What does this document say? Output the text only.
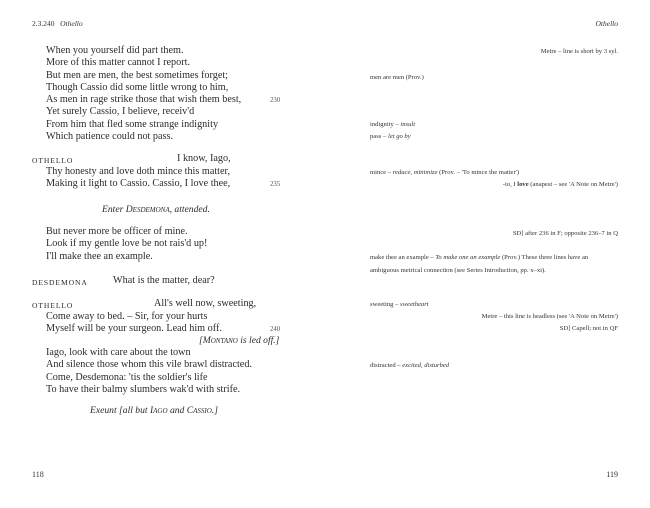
2.3.240 Othello
When you yourself did part them.
More of this matter cannot I report.
But men are men, the best sometimes forget;
Though Cassio did some little wrong to him,
As men in rage strike those that wish them best,
Yet surely Cassio, I believe, receiv'd
From him that fled some strange indignity
Which patience could not pass.
230
OTHELLO	I know, Iago,
Thy honesty and love doth mince this matter,
Making it light to Cassio. Cassio, I love thee,	235
Enter Desdemona, attended.
But never more be officer of mine.
Look if my gentle love be not rais'd up!
I'll make thee an example.
DESDEMONA What is the matter, dear?
OTHELLO	All's well now, sweeting,
Come away to bed. – Sir, for your hurts
Myself will be your surgeon. Lead him off.	240
[Montano is led off.]
Iago, look with care about the town
And silence those whom this vile brawl distracted.
Come, Desdemona: 'tis the soldier's life
To have their balmy slumbers wak'd with strife.
Exeunt [all but Iago and Cassio.]
118
Othello
Metre – line is short by 3 syl.
men are men (Prov.)
indignity – insult
pass – let go by
mince – reduce, minimize (Prov. – 'To mince the matter')
-io, I love (anapest – see 'A Note on Metre')
SD] after 236 in F; opposite 236–7 in Q
make thee an example – To make one an example (Prov.) These three lines have an
ambiguous metrical connection (see Series Introduction, pp. x–xi).
sweeting – sweetheart
Metre – this line is headless (see 'A Note on Metre')
SD] Capell; not in QF
distracted – excited, disturbed
119
